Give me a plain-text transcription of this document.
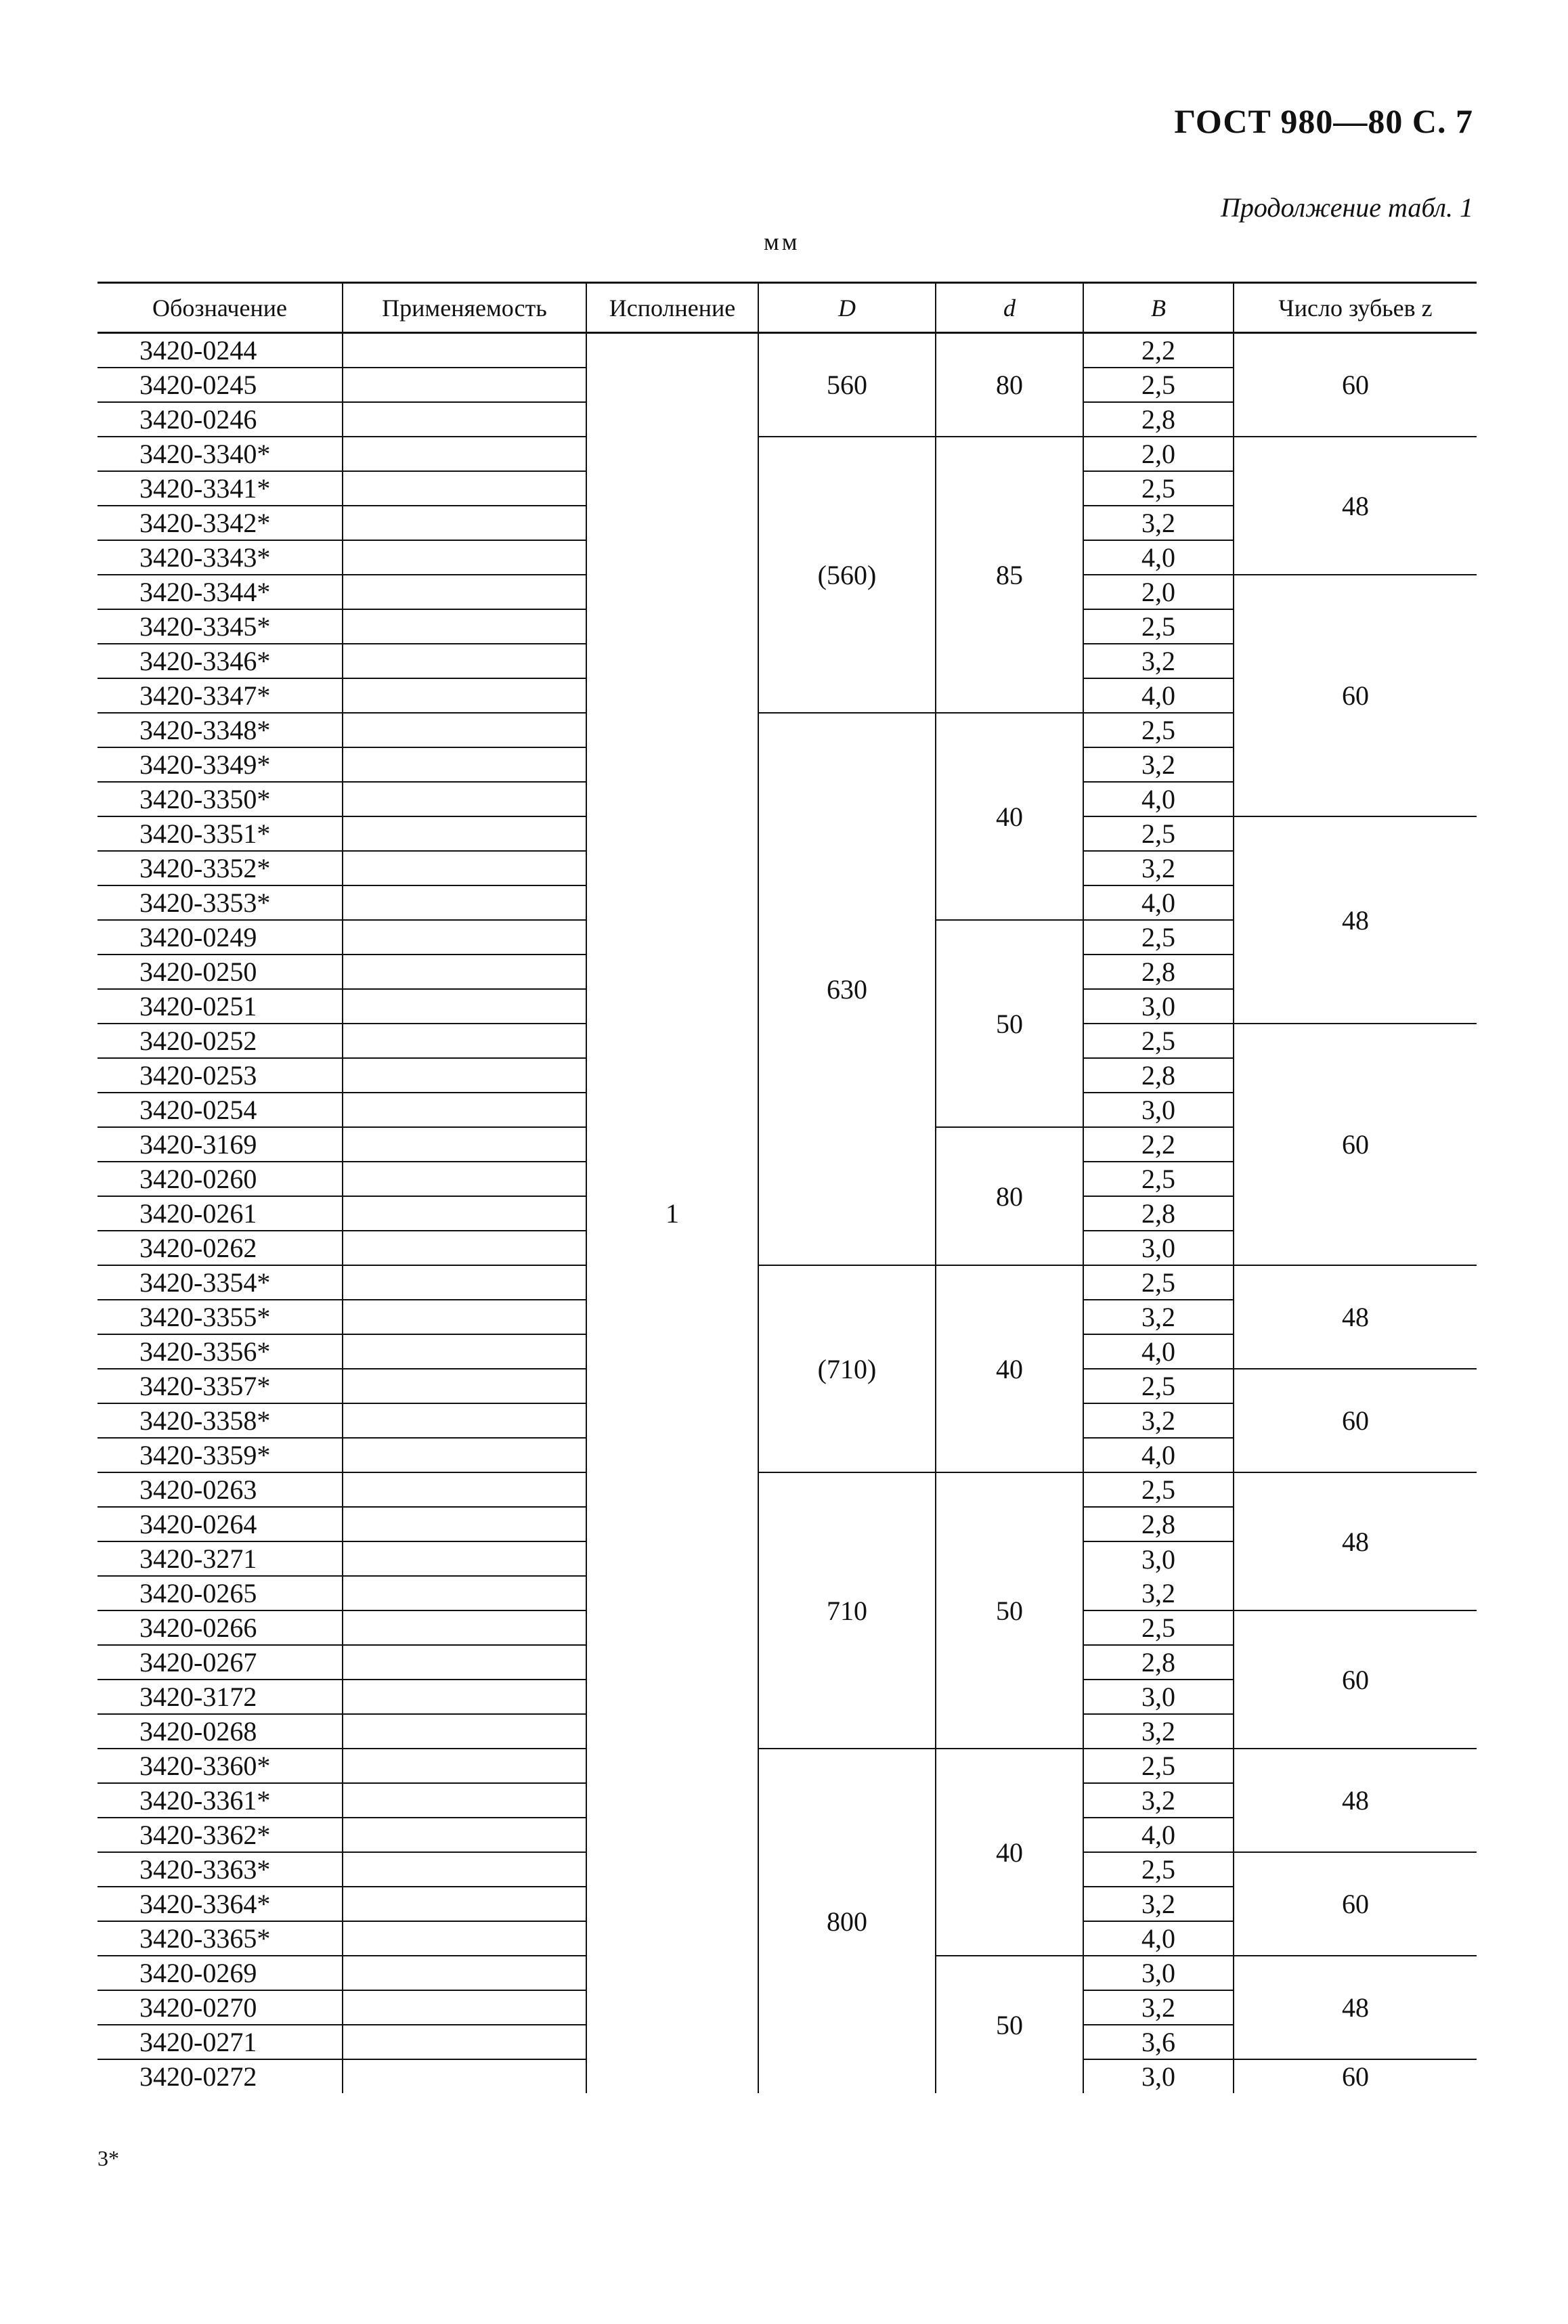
ГОСТ 980—80 С. 7
Продолжение табл. 1
мм
Обозначение	Применяемость	Исполнение	D	d	B	Число зубьев z
3420-0244		1	560	80	2,2	60
3420-0245					2,5	
3420-0246					2,8	
3420-3340*			(560)	85	2,0	48
3420-3341*					2,5	
3420-3342*					3,2	
3420-3343*					4,0	
3420-3344*					2,0	60
3420-3345*					2,5	
3420-3346*					3,2	
3420-3347*					4,0	
3420-3348*			630	40	2,5	
3420-3349*					3,2	
3420-3350*					4,0	
3420-3351*					2,5	48
3420-3352*					3,2	
3420-3353*					4,0	
3420-0249				50	2,5	
3420-0250					2,8	
3420-0251					3,0	
3420-0252					2,5	60
3420-0253					2,8	
3420-0254					3,0	
3420-3169				80	2,2	
3420-0260					2,5	
3420-0261					2,8	
3420-0262					3,0	
3420-3354*			(710)	40	2,5	48
3420-3355*					3,2	
3420-3356*					4,0	
3420-3357*					2,5	60
3420-3358*					3,2	
3420-3359*					4,0	
3420-0263			710	50	2,5	48
3420-0264					2,8	
3420-3271					3,0	
3420-0265					3,2	
3420-0266					2,5	60
3420-0267					2,8	
3420-3172					3,0	
3420-0268					3,2	
3420-3360*			800	40	2,5	48
3420-3361*					3,2	
3420-3362*					4,0	
3420-3363*					2,5	60
3420-3364*					3,2	
3420-3365*					4,0	
3420-0269				50	3,0	48
3420-0270					3,2	
3420-0271					3,6	
3420-0272					3,0	60
3*
